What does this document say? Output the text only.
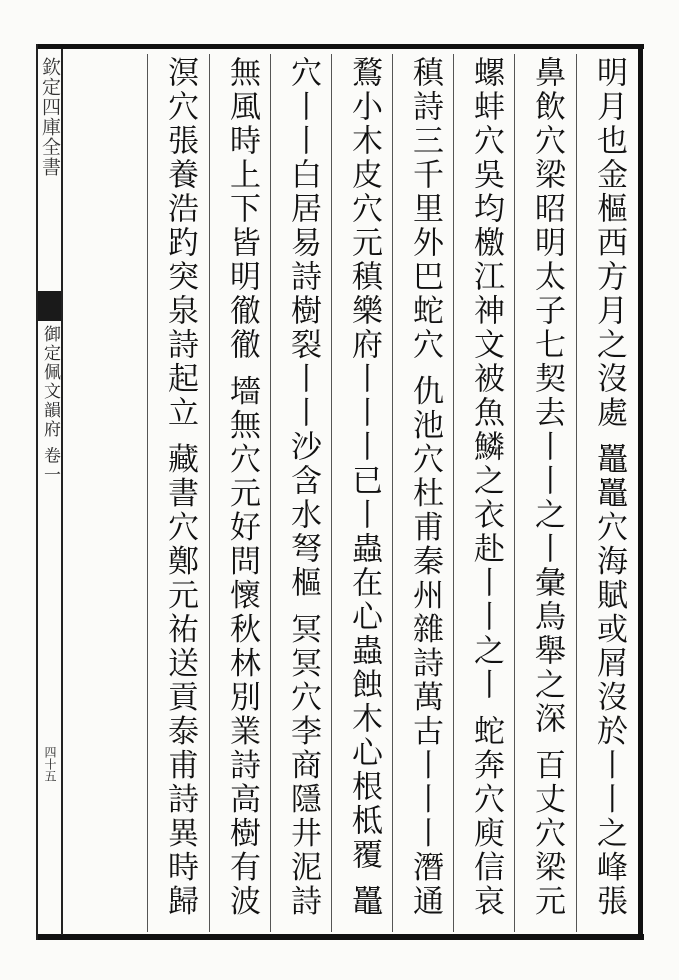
欽定四庫全書
御定佩文韻府 卷一
四十五
明月也金樞西方月之沒處 鼉鼉穴海賦或屑沒於丨丨之峰張
鼻飲穴梁昭明太子七契去丨丨之丨彙鳥舉之深 百丈穴梁元
螺蚌穴吳均檄江神文被魚鱗之衣赴丨丨之丨 蛇奔穴庾信哀
稹詩三千里外巴蛇穴 仇池穴杜甫秦州雜詩萬古丨丨丨潛通
鶩小木皮穴元稹樂府丨丨丨已丨蟲在心蟲蝕木心根柢覆 鼉
穴丨丨白居易詩樹裂丨丨沙含水弩樞 冥冥穴李商隱井泥詩
無風時上下皆明徹徹 墻無穴元好問懷秋林別業詩高樹有波
溟穴張養浩趵突泉詩起立 藏書穴鄭元祐送貢泰甫詩異時歸
